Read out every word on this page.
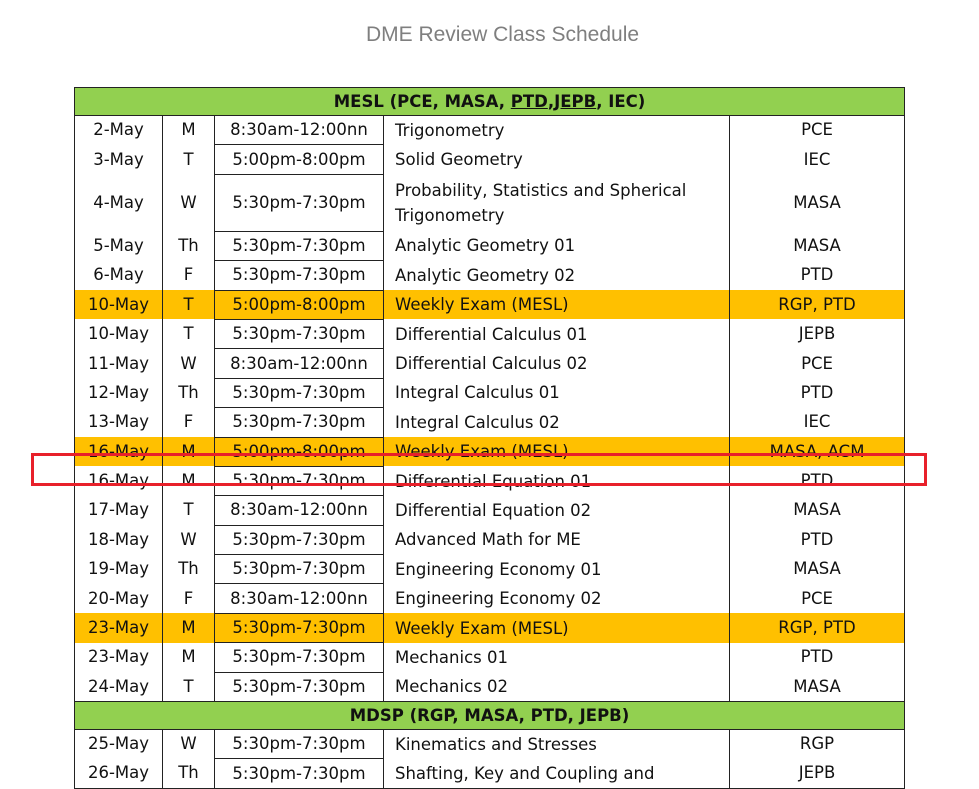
DME Review Class Schedule
MESL (PCE, MASA, PTD,JEPB, IEC)				
2-May	M	8:30am-12:00nn	Trigonometry	PCE
3-May	T	5:00pm-8:00pm	Solid Geometry	IEC
4-May	W	5:30pm-7:30pm	Probability, Statistics and Spherical Trigonometry	MASA
5-May	Th	5:30pm-7:30pm	Analytic Geometry 01	MASA
6-May	F	5:30pm-7:30pm	Analytic Geometry 02	PTD
10-May	T	5:00pm-8:00pm	Weekly Exam (MESL)	RGP, PTD
10-May	T	5:30pm-7:30pm	Differential Calculus 01	JEPB
11-May	W	8:30am-12:00nn	Differential Calculus 02	PCE
12-May	Th	5:30pm-7:30pm	Integral Calculus 01	PTD
13-May	F	5:30pm-7:30pm	Integral Calculus 02	IEC
16-May	M	5:00pm-8:00pm	Weekly Exam (MESL)	MASA, ACM
16-May	M	5:30pm-7:30pm	Differential Equation 01	PTD
17-May	T	8:30am-12:00nn	Differential Equation 02	MASA
18-May	W	5:30pm-7:30pm	Advanced Math for ME	PTD
19-May	Th	5:30pm-7:30pm	Engineering Economy 01	MASA
20-May	F	8:30am-12:00nn	Engineering Economy 02	PCE
23-May	M	5:30pm-7:30pm	Weekly Exam (MESL)	RGP, PTD
23-May	M	5:30pm-7:30pm	Mechanics 01	PTD
24-May	T	5:30pm-7:30pm	Mechanics 02	MASA
MDSP (RGP, MASA, PTD, JEPB)				
25-May	W	5:30pm-7:30pm	Kinematics and Stresses	RGP
26-May	Th	5:30pm-7:30pm	Shafting, Key and Coupling and	JEPB
